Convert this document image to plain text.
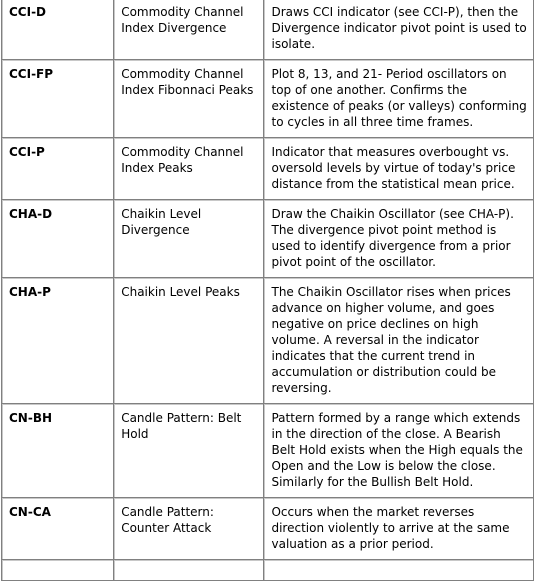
CCI-D	Commodity Channel Index Divergence	Draws CCI indicator (see CCI-P), then the Divergence indicator pivot point is used to isolate.
CCI-FP	Commodity Channel Index Fibonnaci Peaks	Plot 8, 13, and 21- Period oscillators on top of one another. Confirms the existence of peaks (or valleys) conforming to cycles in all three time frames.
CCI-P	Commodity Channel Index Peaks	Indicator that measures overbought vs. oversold levels by virtue of today's price distance from the statistical mean price.
CHA-D	Chaikin Level Divergence	Draw the Chaikin Oscillator (see CHA-P). The divergence pivot point method is used to identify divergence from a prior pivot point of the oscillator.
CHA-P	Chaikin Level Peaks	The Chaikin Oscillator rises when prices advance on higher volume, and goes negative on price declines on high volume. A reversal in the indicator indicates that the current trend in accumulation or distribution could be reversing.
CN-BH	Candle Pattern: Belt Hold	Pattern formed by a range which extends in the direction of the close. A Bearish Belt Hold exists when the High equals the Open and the Low is below the close. Similarly for the Bullish Belt Hold.
CN-CA	Candle Pattern: Counter Attack	Occurs when the market reverses direction violently to arrive at the same valuation as a prior period.
